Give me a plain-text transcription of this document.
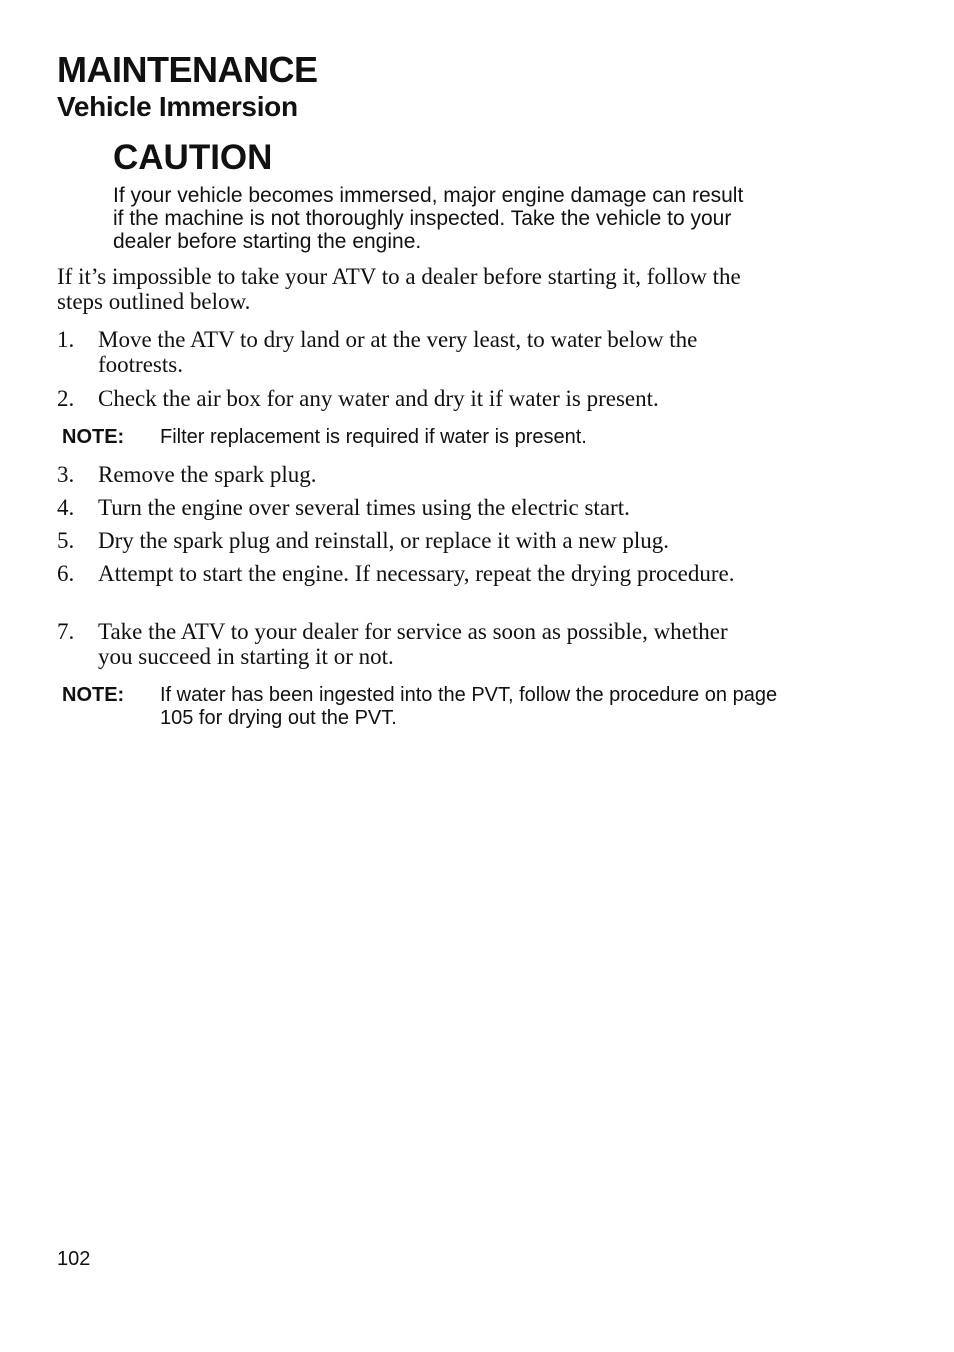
MAINTENANCE
Vehicle Immersion
CAUTION
If your vehicle becomes immersed, major engine damage can result if the machine is not thoroughly inspected. Take the vehicle to your dealer before starting the engine.

If it’s impossible to take your ATV to a dealer before starting it, follow the steps outlined below.

1.	Move the ATV to dry land or at the very least, to water below the footrests.
2.	Check the air box for any water and dry it if water is present.
NOTE:	Filter replacement is required if water is present.
3.	Remove the spark plug.
4.	Turn the engine over several times using the electric start.
5.	Dry the spark plug and reinstall, or replace it with a new plug.
6.	Attempt to start the engine. If necessary, repeat the drying procedure.
7.	Take the ATV to your dealer for service as soon as possible, whether you succeed in starting it or not.
NOTE:	If water has been ingested into the PVT, follow the procedure on page 105 for drying out the PVT.
102
